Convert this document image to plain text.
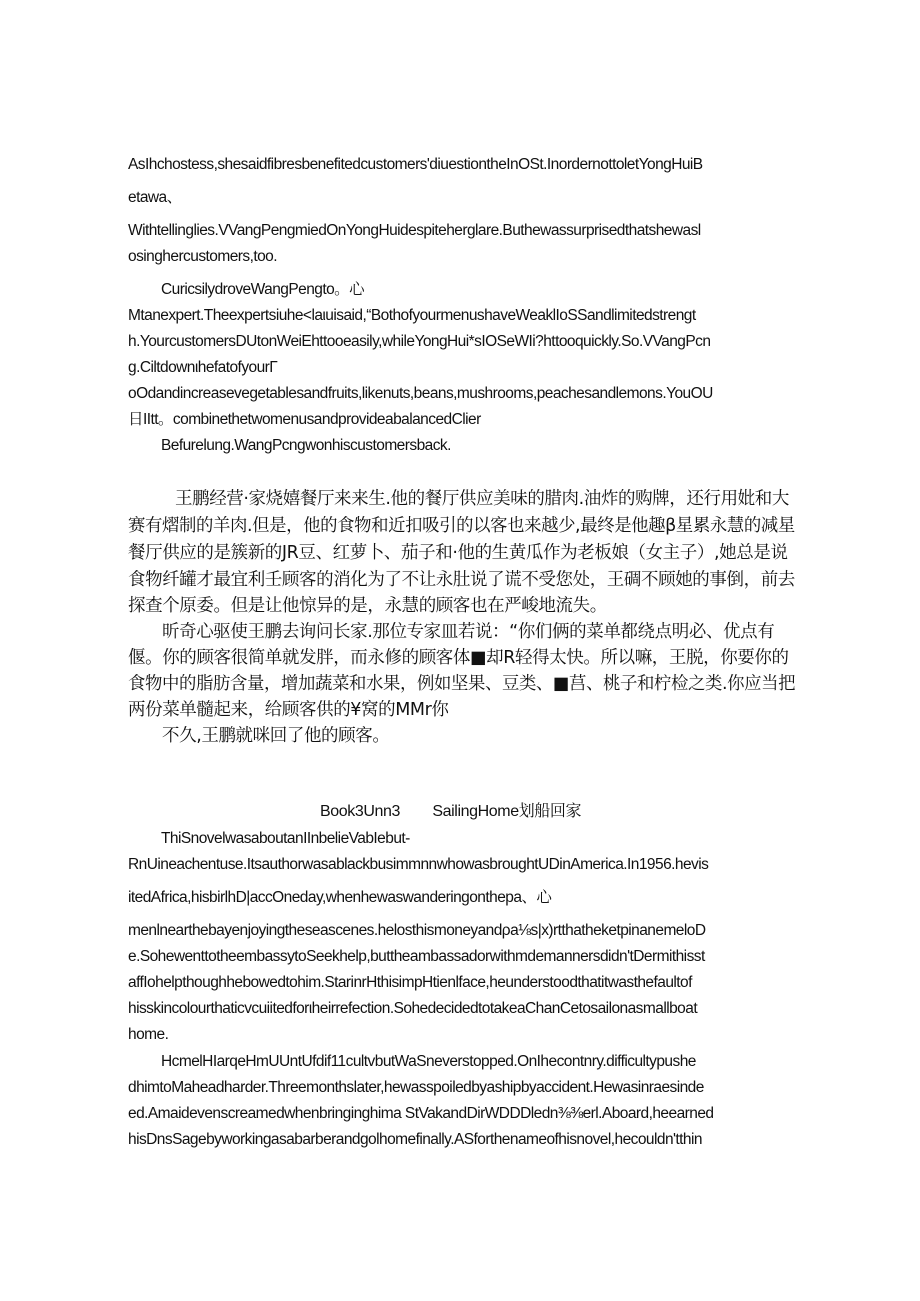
AsIhchostess,shesaidfibresbenefitedcustomers'diuestiontheInOSt.InordernottoletYongHuiB
etawa、
Withtellinglies.VVangPengmiedOnYongHuidespiteherglare.Buthewassurprisedthatshewasl
osinghercustomers,too.
CuricsilydroveWangPengto。心
Mtanexpert.Theexpertsiuhe<laιuisaid,“BothofyourmenushaveWeaklIoSSandlimitedstrengt
h.YourcustomersDUtonWeiEhttooeasily,whileYongHui*sIOSeWIi?httooquickly.So.VVangPcn
g.CiltdownιhefatofyourΓ
oOdandincreasevegetablesandfruits,likenuts,beans,mushrooms,peachesandlemons.YouOU
日IItt。combinethetwomenusandprovideabalancedClier
Befurelung.WangPcngwonhiscustomersback.
王鹏经营·家烧嬉餐厅来来生.他的餐厅供应美味的腊肉.油炸的购牌，还行用妣和大
赛有熠制的羊肉.但是，他的食物和近扣吸引的以客也来越少,最终是他趣β星累永慧的减星
餐厅供应的是簇新的JR豆、红萝卜、茄子和·他的生黄瓜作为老板娘（女主子）,她总是说
食物纤罐才最宜利壬顾客的消化为了不让永肚说了谎不受您处，王碉不顾她的事倒，前去
探查个原委。但是让他惊异的是，永慧的顾客也在严峻地流失。
昕奇心驱使王鹏去询问长家.那位专家皿若说：“你们俩的菜单都绕点明必、优点有
偃。你的顾客很简单就发胖，而永修的顾客体■却R轻得太快。所以嘛，王脱，你要你的
食物中的脂肪含量，增加蔬菜和水果，例如坚果、豆类、■莒、桃子和柠检之类.你应当把
两份菜单髓起来，给顾客供的¥窝的MMr你
不久,王鹏就咪回了他的顾客。
Book3Unn3        SailingHome划船回家
ThiSnovelwasaboutanIInbelieVabIebut-
RnUineachentuse.ItsauthorwasablackbusimmnnwhowasbroughtUDinAmerica.In1956.hevis
itedAfrica,hisbirlhD|accOneday,whenhewaswanderingonthepa、心
menlnearthebayenjoyingtheseascenes.helosthismoneyandρa⅛s|x)rtthatheketpinanemeloD
e.SohewenttotheembassytoSeekhelp,buttheambassadorwithmdemannersdidn'tDermithisst
affIohelpthoughhebowedtohim.StarinrHthisimpHtienlface,heunderstoodthatitwasthefaultof
hisskincolourthaticvcuiitedforιheirrefection.SohedecidedtotakeaChanCetosailonasmallboat
home.
HcmelHIarqeHmUUntUfdif11cultvbutWaSneverstopped.OnIhecontnry.difficultypushe
dhimtoMaheadharder.Threemonthslater,hewasspoiledbyashipbyaccident.Hewasinraesinde
ed.Amaidevenscreamedwhenbringinghima StVakandDirWDDDledn⅜⅜erl.Aboard,heearned
hisDnsSagebyworkingasabarberandgolhomefinally.ASforthenameofhisnovel,hecouldn'tthin
